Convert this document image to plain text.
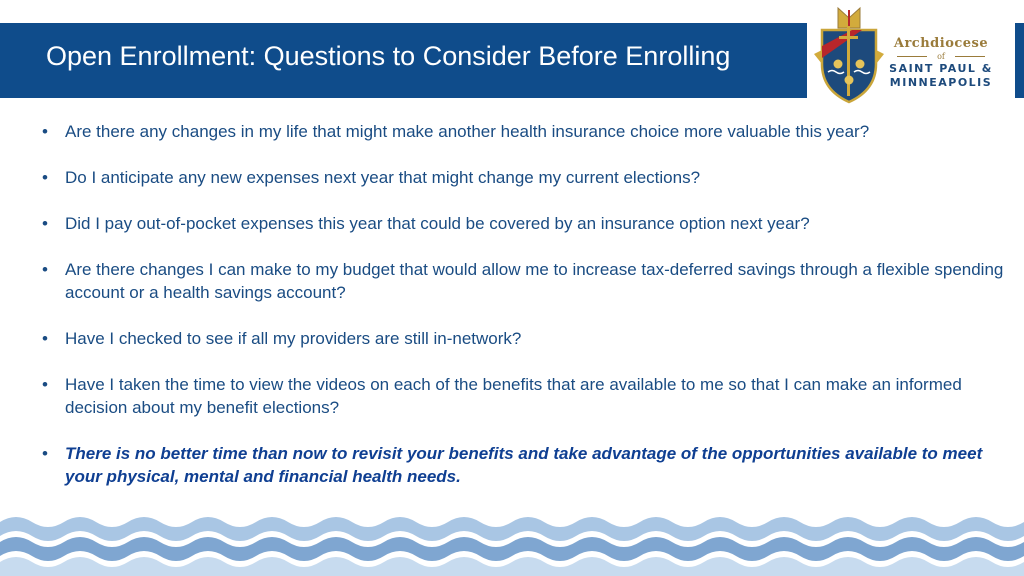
Open Enrollment: Questions to Consider Before Enrolling	Archdiocese
of
SAINT PAUL &
MINNEAPOLIS
• Are there any changes in my life that might make another health insurance choice more valuable this year?
• Do I anticipate any new expenses next year that might change my current elections?
• Did I pay out-of-pocket expenses this year that could be covered by an insurance option next year?
• Are there changes I can make to my budget that would allow me to increase tax-deferred savings through a flexible spending account or a health savings account?
• Have I checked to see if all my providers are still in-network?
• Have I taken the time to view the videos on each of the benefits that are available to me so that I can make an informed decision about my benefit elections?
• There is no better time than now to revisit your benefits and take advantage of the opportunities available to meet your physical, mental and financial health needs.
